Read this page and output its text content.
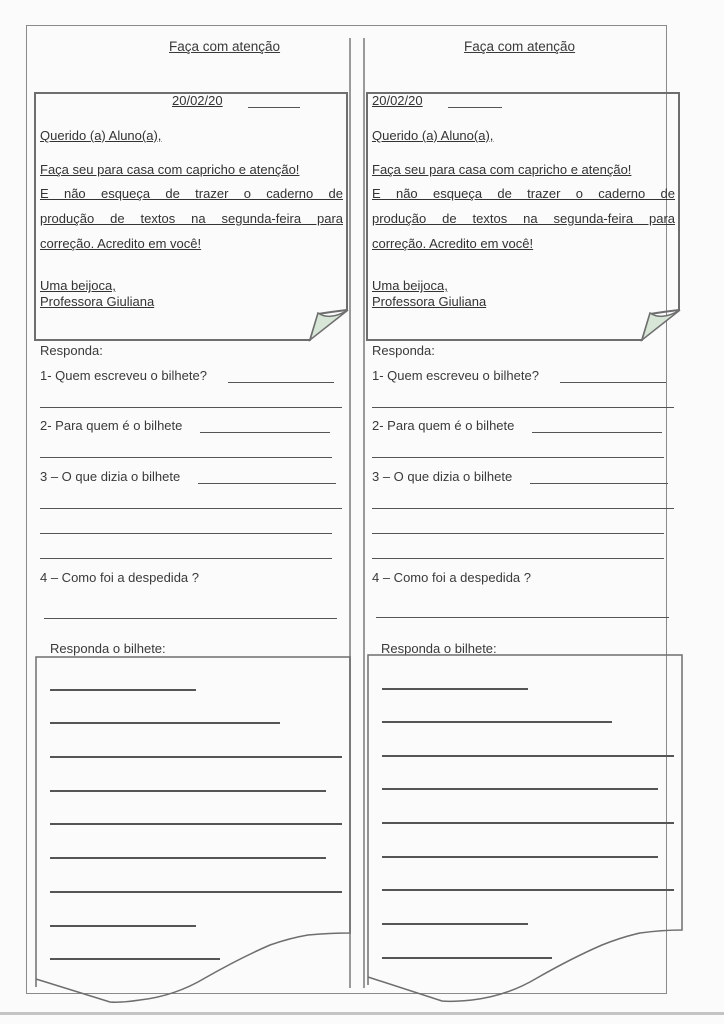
Faça com atenção
20/02/20
Querido (a) Aluno(a),
Faça seu para casa com capricho e atenção!
E não esqueça de trazer o caderno de
produção de textos na segunda-feira para
correção. Acredito em você!
Uma beijoca,
Professora Giuliana
Responda:
1- Quem escreveu o bilhete?
2- Para quem é o bilhete
3 – O que dizia o bilhete
4 – Como foi a despedida ?
Responda o bilhete:
Faça com atenção
20/02/20
Querido (a) Aluno(a),
Faça seu para casa com capricho e atenção!
E não esqueça de trazer o caderno de
produção de textos na segunda-feira para
correção. Acredito em você!
Uma beijoca,
Professora Giuliana
Responda:
1- Quem escreveu o bilhete?
2- Para quem é o bilhete
3 – O que dizia o bilhete
4 – Como foi a despedida ?
Responda o bilhete:
